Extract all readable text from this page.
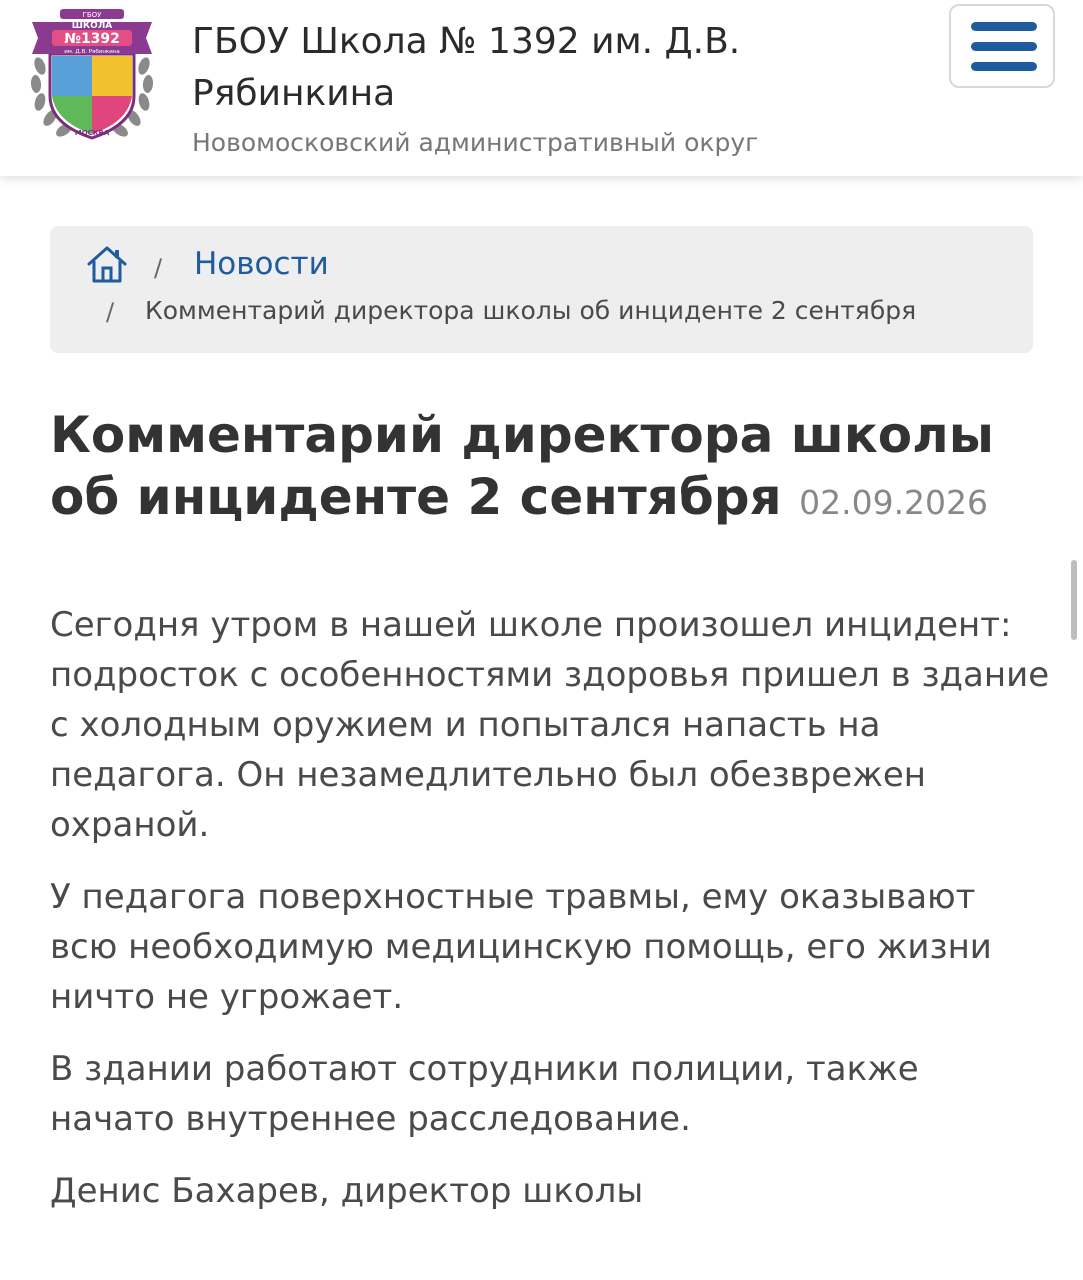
ГБОУ
ШКОЛА
№1392
им. Д.В. Рябинкина
МОСКВА
ГБОУ Школа № 1392 им. Д.В. Рябинкина
Новомосковский административный округ
/ Новости
/ Комментарий директора школы об инциденте 2 сентября
Комментарий директора школы об инциденте 2 сентября 02.09.2026

Сегодня утром в нашей школе произошел инцидент: подросток с особенностями здоровья пришел в здание с холодным оружием и попытался напасть на педагога. Он незамедлительно был обезврежен охраной.

У педагога поверхностные травмы, ему оказывают всю необходимую медицинскую помощь, его жизни ничто не угрожает.

В здании работают сотрудники полиции, также начато внутреннее расследование.

Денис Бахарев, директор школы
